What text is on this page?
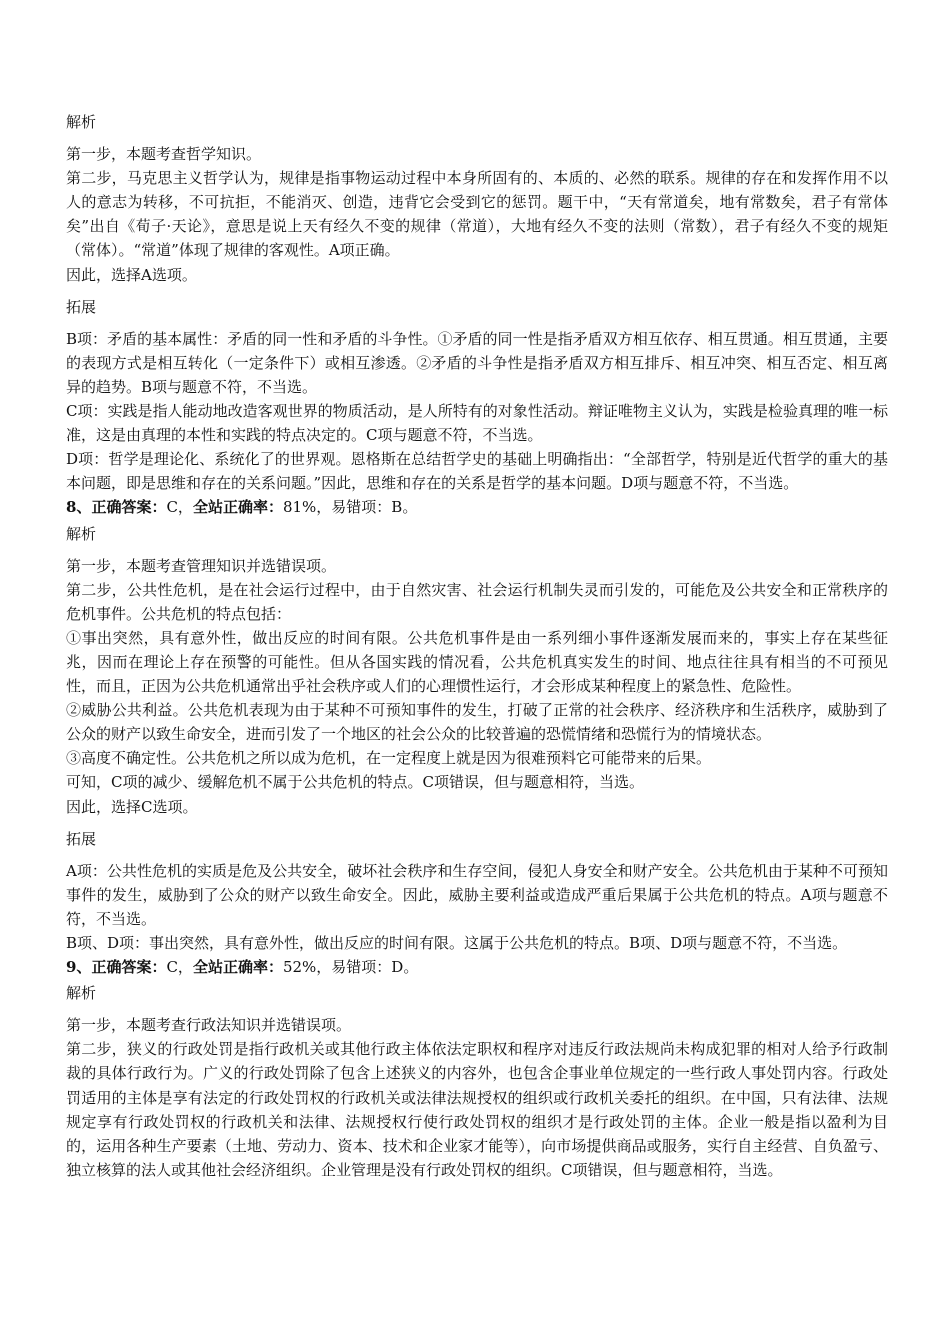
解析

第一步，本题考查哲学知识。

第二步，马克思主义哲学认为，规律是指事物运动过程中本身所固有的、本质的、必然的联系。规律的存在和发挥作用不以人的意志为转移，不可抗拒，不能消灭、创造，违背它会受到它的惩罚。题干中，“天有常道矣，地有常数矣，君子有常体矣”出自《荀子·天论》，意思是说上天有经久不变的规律（常道），大地有经久不变的法则（常数），君子有经久不变的规矩（常体）。“常道”体现了规律的客观性。A项正确。

因此，选择A选项。

拓展

B项：矛盾的基本属性：矛盾的同一性和矛盾的斗争性。①矛盾的同一性是指矛盾双方相互依存、相互贯通。相互贯通，主要的表现方式是相互转化（一定条件下）或相互渗透。②矛盾的斗争性是指矛盾双方相互排斥、相互冲突、相互否定、相互离异的趋势。B项与题意不符，不当选。

C项：实践是指人能动地改造客观世界的物质活动，是人所特有的对象性活动。辩证唯物主义认为，实践是检验真理的唯一标准，这是由真理的本性和实践的特点决定的。C项与题意不符，不当选。

D项：哲学是理论化、系统化了的世界观。恩格斯在总结哲学史的基础上明确指出：“全部哲学，特别是近代哲学的重大的基本问题，即是思维和存在的关系问题。”因此，思维和存在的关系是哲学的基本问题。D项与题意不符，不当选。

8、正确答案：C，全站正确率：81%，易错项：B。

解析

第一步，本题考查管理知识并选错误项。

第二步，公共性危机，是在社会运行过程中，由于自然灾害、社会运行机制失灵而引发的，可能危及公共安全和正常秩序的危机事件。公共危机的特点包括：

①事出突然，具有意外性，做出反应的时间有限。公共危机事件是由一系列细小事件逐渐发展而来的，事实上存在某些征兆，因而在理论上存在预警的可能性。但从各国实践的情况看，公共危机真实发生的时间、地点往往具有相当的不可预见性，而且，正因为公共危机通常出乎社会秩序或人们的心理惯性运行，才会形成某种程度上的紧急性、危险性。

②威胁公共利益。公共危机表现为由于某种不可预知事件的发生，打破了正常的社会秩序、经济秩序和生活秩序，威胁到了公众的财产以致生命安全，进而引发了一个地区的社会公众的比较普遍的恐慌情绪和恐慌行为的情境状态。

③高度不确定性。公共危机之所以成为危机，在一定程度上就是因为很难预料它可能带来的后果。

可知，C项的减少、缓解危机不属于公共危机的特点。C项错误，但与题意相符，当选。

因此，选择C选项。

拓展

A项：公共性危机的实质是危及公共安全，破坏社会秩序和生存空间，侵犯人身安全和财产安全。公共危机由于某种不可预知事件的发生，威胁到了公众的财产以致生命安全。因此，威胁主要利益或造成严重后果属于公共危机的特点。A项与题意不符，不当选。

B项、D项：事出突然，具有意外性，做出反应的时间有限。这属于公共危机的特点。B项、D项与题意不符，不当选。

9、正确答案：C，全站正确率：52%，易错项：D。

解析

第一步，本题考查行政法知识并选错误项。

第二步，狭义的行政处罚是指行政机关或其他行政主体依法定职权和程序对违反行政法规尚未构成犯罪的相对人给予行政制裁的具体行政行为。广义的行政处罚除了包含上述狭义的内容外，也包含企事业单位规定的一些行政人事处罚内容。行政处罚适用的主体是享有法定的行政处罚权的行政机关或法律法规授权的组织或行政机关委托的组织。在中国，只有法律、法规规定享有行政处罚权的行政机关和法律、法规授权行使行政处罚权的组织才是行政处罚的主体。企业一般是指以盈利为目的，运用各种生产要素（土地、劳动力、资本、技术和企业家才能等），向市场提供商品或服务，实行自主经营、自负盈亏、独立核算的法人或其他社会经济组织。企业管理是没有行政处罚权的组织。C项错误，但与题意相符，当选。
